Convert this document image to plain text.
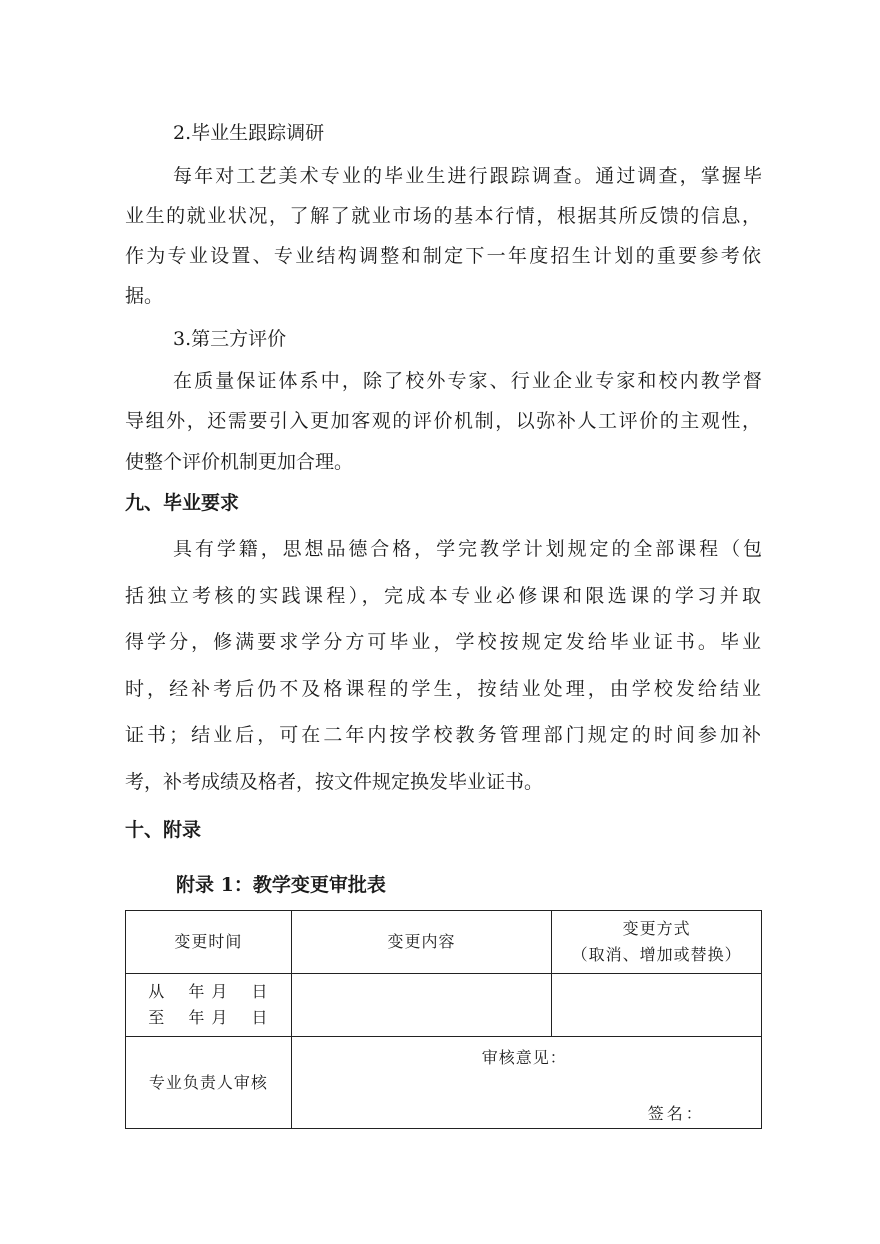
2.毕业生跟踪调研

每年对工艺美术专业的毕业生进行跟踪调查。通过调查，掌握毕

业生的就业状况，了解了就业市场的基本行情，根据其所反馈的信息，

作为专业设置、专业结构调整和制定下一年度招生计划的重要参考依

据。

3.第三方评价

在质量保证体系中，除了校外专家、行业企业专家和校内教学督

导组外，还需要引入更加客观的评价机制，以弥补人工评价的主观性，

使整个评价机制更加合理。

九、毕业要求

具有学籍，思想品德合格，学完教学计划规定的全部课程（包

括独立考核的实践课程），完成本专业必修课和限选课的学习并取

得学分，修满要求学分方可毕业，学校按规定发给毕业证书。毕业

时，经补考后仍不及格课程的学生，按结业处理，由学校发给结业

证书；结业后，可在二年内按学校教务管理部门规定的时间参加补

考，补考成绩及格者，按文件规定换发毕业证书。

十、附录

附录 1：教学变更审批表

变更时间	变更内容	变更方式
（取消、增加或替换）

从　 年 月　 日
至　 年 月　 日		

专业负责人审核	审核意见：
签名：	
